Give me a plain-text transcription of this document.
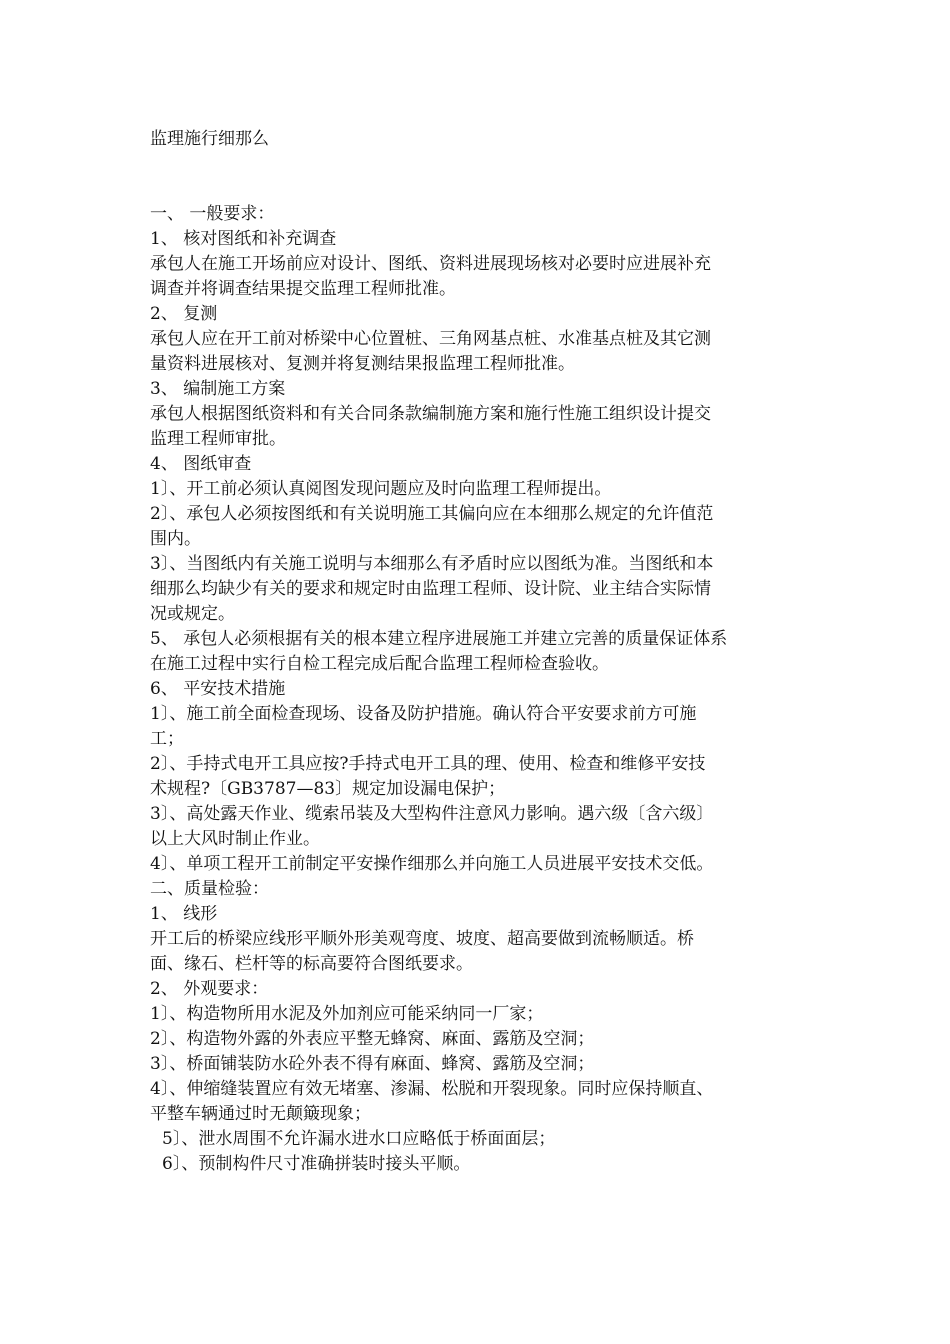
监理施行细那么

一、 一般要求：

1、 核对图纸和补充调查

承包人在施工开场前应对设计、图纸、资料进展现场核对必要时应进展补充

调查并将调查结果提交监理工程师批准。

2、 复测

承包人应在开工前对桥梁中心位置桩、三角网基点桩、水准基点桩及其它测

量资料进展核对、复测并将复测结果报监理工程师批准。

3、 编制施工方案

承包人根据图纸资料和有关合同条款编制施方案和施行性施工组织设计提交

监理工程师审批。

4、 图纸审查

1〕、开工前必须认真阅图发现问题应及时向监理工程师提出。

2〕、承包人必须按图纸和有关说明施工其偏向应在本细那么规定的允许值范

围内。

3〕、当图纸内有关施工说明与本细那么有矛盾时应以图纸为准。当图纸和本

细那么均缺少有关的要求和规定时由监理工程师、设计院、业主结合实际情

况或规定。

5、 承包人必须根据有关的根本建立程序进展施工并建立完善的质量保证体系

在施工过程中实行自检工程完成后配合监理工程师检查验收。

6、 平安技术措施

1〕、施工前全面检查现场、设备及防护措施。确认符合平安要求前方可施

工；

2〕、手持式电开工具应按?手持式电开工具的理、使用、检查和维修平安技

术规程?〔GB3787—83〕规定加设漏电保护；

3〕、高处露天作业、缆索吊装及大型构件注意风力影响。遇六级〔含六级〕

以上大风时制止作业。

4〕、单项工程开工前制定平安操作细那么并向施工人员进展平安技术交低。

二、质量检验：

1、 线形

开工后的桥梁应线形平顺外形美观弯度、坡度、超高要做到流畅顺适。桥

面、缘石、栏杆等的标高要符合图纸要求。

2、 外观要求：

1〕、构造物所用水泥及外加剂应可能采纳同一厂家；

2〕、构造物外露的外表应平整无蜂窝、麻面、露筋及空洞；

3〕、桥面铺装防水砼外表不得有麻面、蜂窝、露筋及空洞；

4〕、伸缩缝装置应有效无堵塞、渗漏、松脱和开裂现象。同时应保持顺直、

平整车辆通过时无颠簸现象；

5〕、泄水周围不允许漏水进水口应略低于桥面面层；

6〕、预制构件尺寸准确拼装时接头平顺。
